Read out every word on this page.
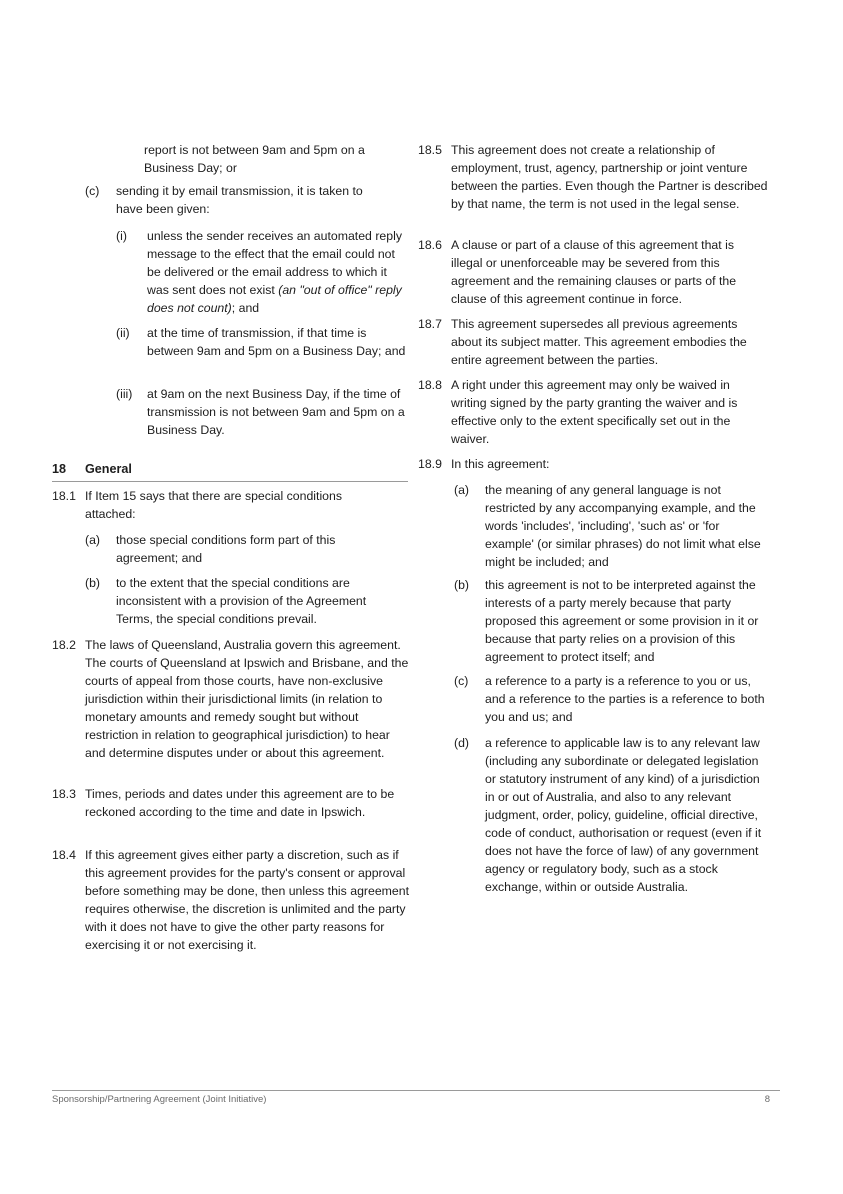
report is not between 9am and 5pm on a Business Day; or
(c)	sending it by email transmission, it is taken to have been given:
(i)	unless the sender receives an automated reply message to the effect that the email could not be delivered or the email address to which it was sent does not exist (an "out of office" reply does not count); and
(ii)	at the time of transmission, if that time is between 9am and 5pm on a Business Day; and
(iii)	at 9am on the next Business Day, if the time of transmission is not between 9am and 5pm on a Business Day.
18	General
18.1 If Item 15 says that there are special conditions attached:
(a)	those special conditions form part of this agreement; and
(b)	to the extent that the special conditions are inconsistent with a provision of the Agreement Terms, the special conditions prevail.
18.2 The laws of Queensland, Australia govern this agreement. The courts of Queensland at Ipswich and Brisbane, and the courts of appeal from those courts, have non-exclusive jurisdiction within their jurisdictional limits (in relation to monetary amounts and remedy sought but without restriction in relation to geographical jurisdiction) to hear and determine disputes under or about this agreement.
18.3 Times, periods and dates under this agreement are to be reckoned according to the time and date in Ipswich.
18.4 If this agreement gives either party a discretion, such as if this agreement provides for the party's consent or approval before something may be done, then unless this agreement requires otherwise, the discretion is unlimited and the party with it does not have to give the other party reasons for exercising it or not exercising it.
18.5 This agreement does not create a relationship of employment, trust, agency, partnership or joint venture between the parties. Even though the Partner is described by that name, the term is not used in the legal sense.
18.6 A clause or part of a clause of this agreement that is illegal or unenforceable may be severed from this agreement and the remaining clauses or parts of the clause of this agreement continue in force.
18.7 This agreement supersedes all previous agreements about its subject matter. This agreement embodies the entire agreement between the parties.
18.8 A right under this agreement may only be waived in writing signed by the party granting the waiver and is effective only to the extent specifically set out in the waiver.
18.9 In this agreement:
(a)	the meaning of any general language is not restricted by any accompanying example, and the words 'includes', 'including', 'such as' or 'for example' (or similar phrases) do not limit what else might be included; and
(b)	this agreement is not to be interpreted against the interests of a party merely because that party proposed this agreement or some provision in it or because that party relies on a provision of this agreement to protect itself; and
(c)	a reference to a party is a reference to you or us, and a reference to the parties is a reference to both you and us; and
(d)	a reference to applicable law is to any relevant law (including any subordinate or delegated legislation or statutory instrument of any kind) of a jurisdiction in or out of Australia, and also to any relevant judgment, order, policy, guideline, official directive, code of conduct, authorisation or request (even if it does not have the force of law) of any government agency or regulatory body, such as a stock exchange, within or outside Australia.
Sponsorship/Partnering Agreement (Joint Initiative)	8
